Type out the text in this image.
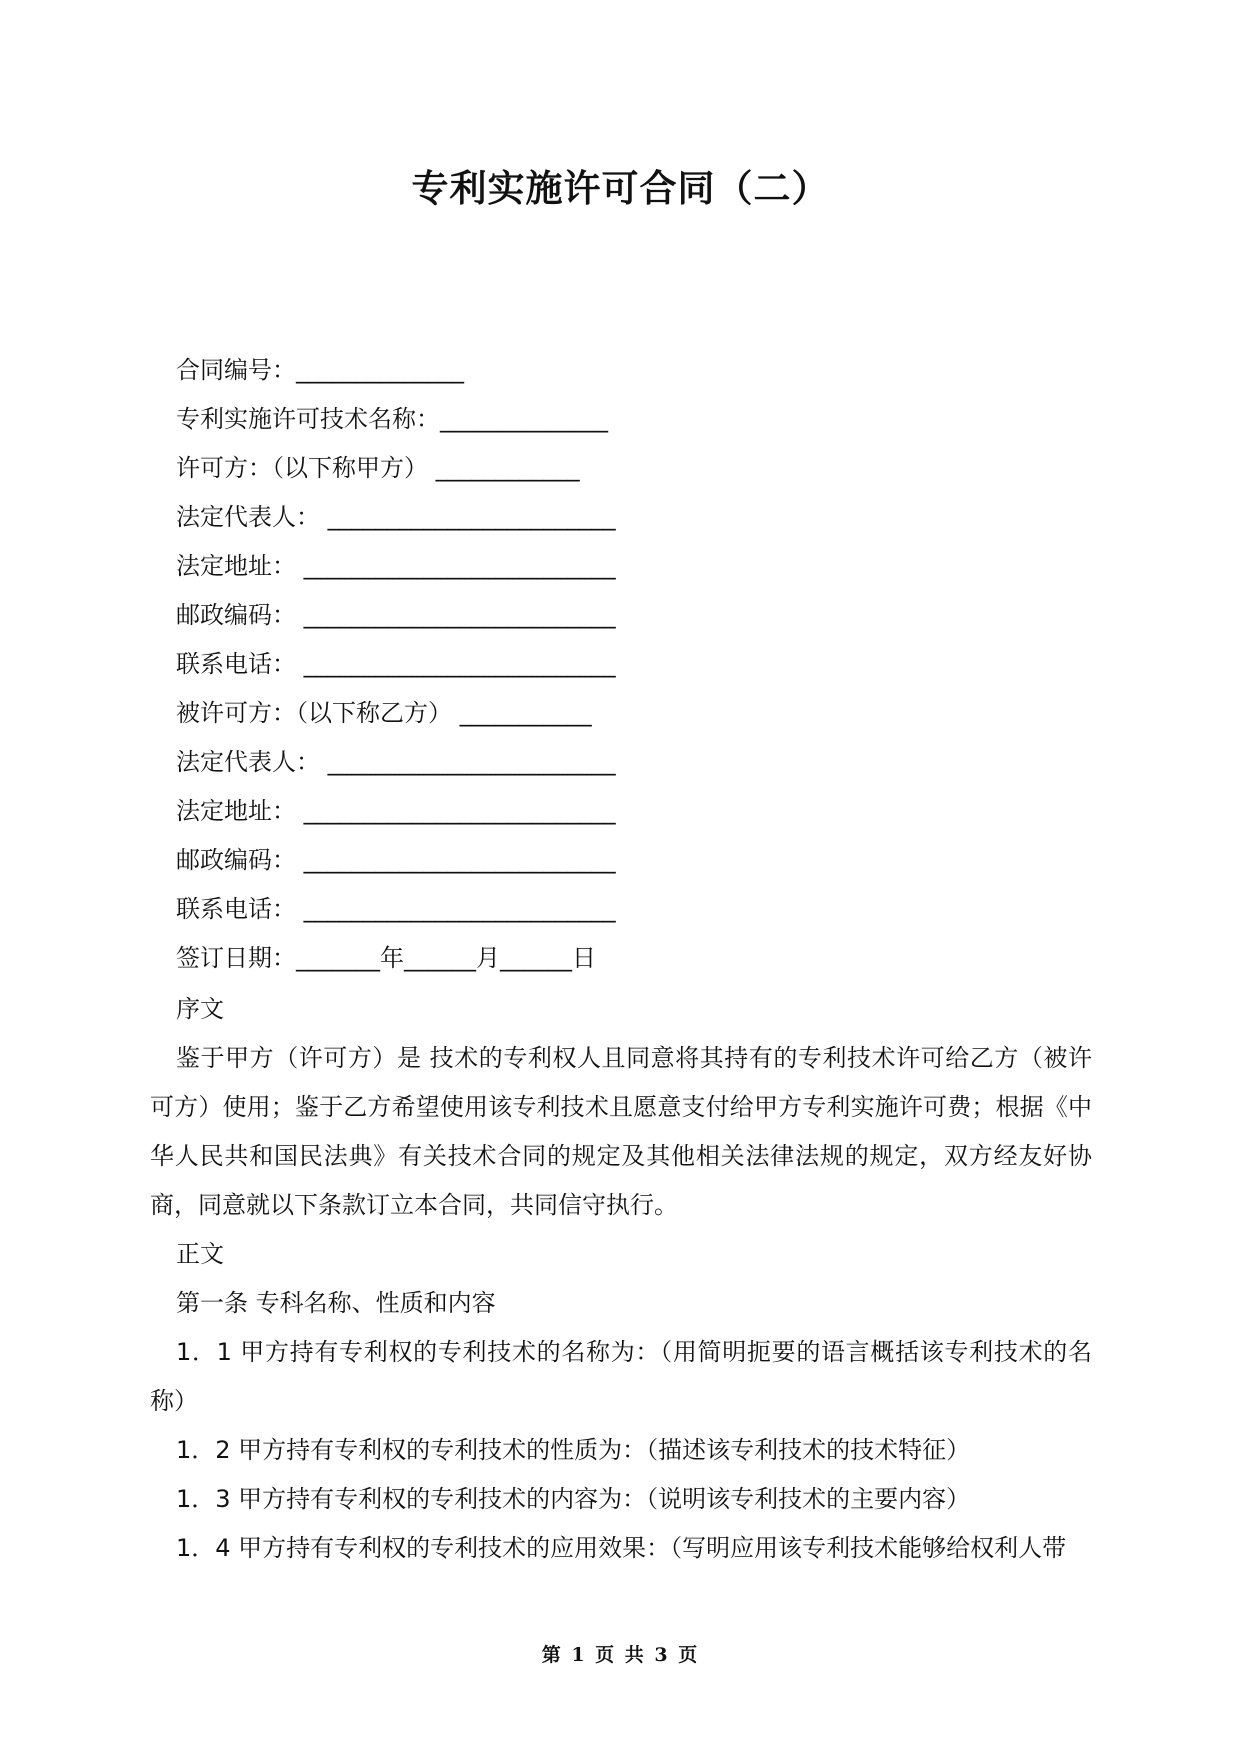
专利实施许可合同（二）
合同编号：______________
专利实施许可技术名称：______________
许可方：（以下称甲方） ____________
法定代表人： ________________________
法定地址： __________________________
邮政编码： __________________________
联系电话： __________________________
被许可方：（以下称乙方） ___________
法定代表人： ________________________
法定地址： __________________________
邮政编码： __________________________
联系电话： __________________________
签订日期：_______年______月______日

序文

鉴于甲方（许可方）是 技术的专利权人且同意将其持有的专利技术许可给乙方（被许可方）使用；鉴于乙方希望使用该专利技术且愿意支付给甲方专利实施许可费；根据《中华人民共和国民法典》有关技术合同的规定及其他相关法律法规的规定，双方经友好协商，同意就以下条款订立本合同，共同信守执行。

正文

第一条 专科名称、性质和内容

1．1 甲方持有专利权的专利技术的名称为：（用简明扼要的语言概括该专利技术的名称）

1．2 甲方持有专利权的专利技术的性质为：（描述该专利技术的技术特征）

1．3 甲方持有专利权的专利技术的内容为：（说明该专利技术的主要内容）

1．4 甲方持有专利权的专利技术的应用效果：（写明应用该专利技术能够给权利人带

第 1 页 共 3 页
